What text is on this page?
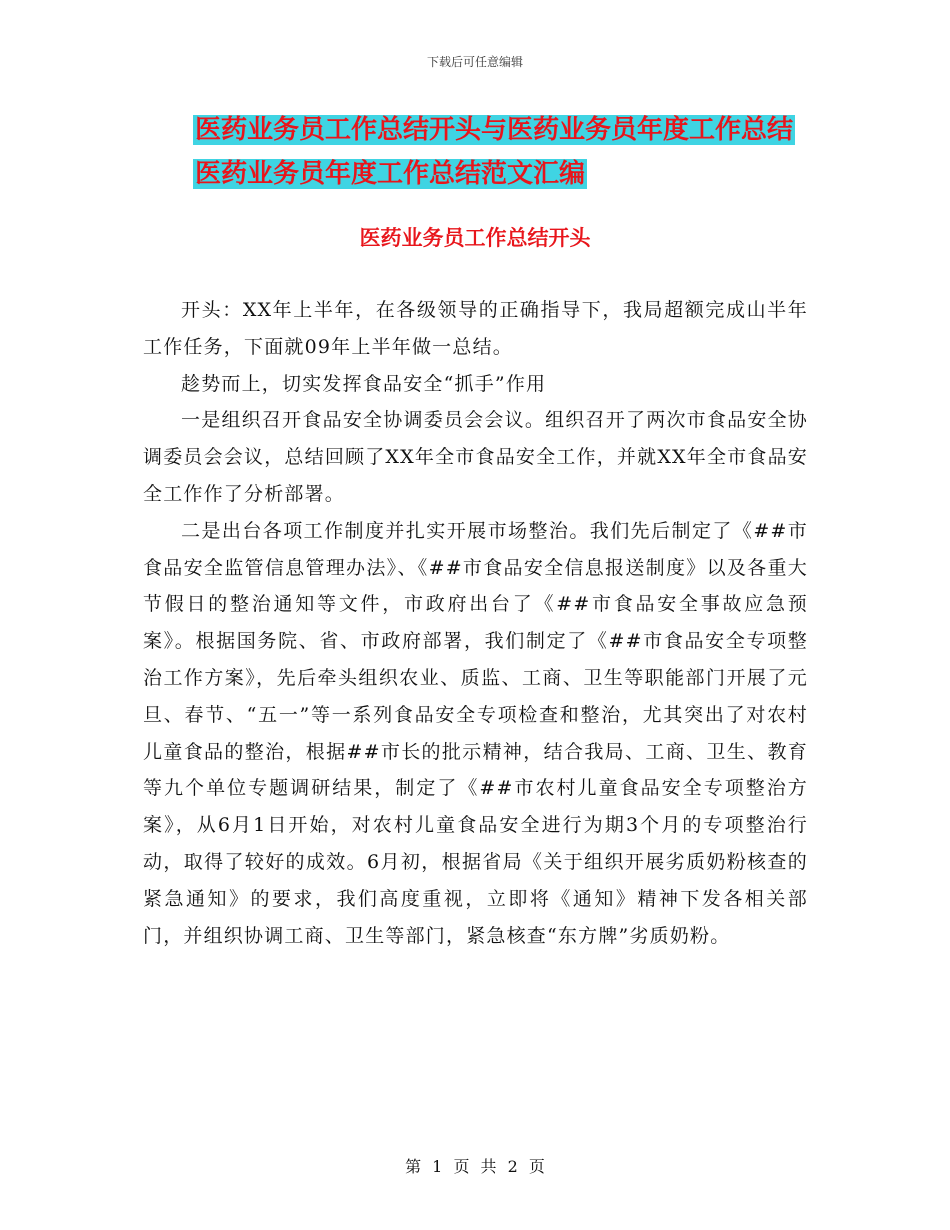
下载后可任意编辑
医药业务员工作总结开头与医药业务员年度工作总结
医药业务员年度工作总结范文汇编
医药业务员工作总结开头

开头：XX年上半年，在各级领导的正确指导下，我局超额完成山半年工作任务，下面就09年上半年做一总结。

趁势而上，切实发挥食品安全“抓手”作用

一是组织召开食品安全协调委员会会议。组织召开了两次市食品安全协调委员会会议，总结回顾了XX年全市食品安全工作，并就XX年全市食品安全工作作了分析部署。

二是出台各项工作制度并扎实开展市场整治。我们先后制定了《##市食品安全监管信息管理办法》、《##市食品安全信息报送制度》以及各重大节假日的整治通知等文件，市政府出台了《##市食品安全事故应急预案》。根据国务院、省、市政府部署，我们制定了《##市食品安全专项整治工作方案》，先后牵头组织农业、质监、工商、卫生等职能部门开展了元旦、春节、“五一”等一系列食品安全专项检查和整治，尤其突出了对农村儿童食品的整治，根据##市长的批示精神，结合我局、工商、卫生、教育等九个单位专题调研结果，制定了《##市农村儿童食品安全专项整治方案》，从6月1日开始，对农村儿童食品安全进行为期3个月的专项整治行动，取得了较好的成效。6月初，根据省局《关于组织开展劣质奶粉核查的紧急通知》的要求，我们高度重视，立即将《通知》精神下发各相关部门，并组织协调工商、卫生等部门，紧急核查“东方牌”劣质奶粉。

第 1 页 共 2 页
